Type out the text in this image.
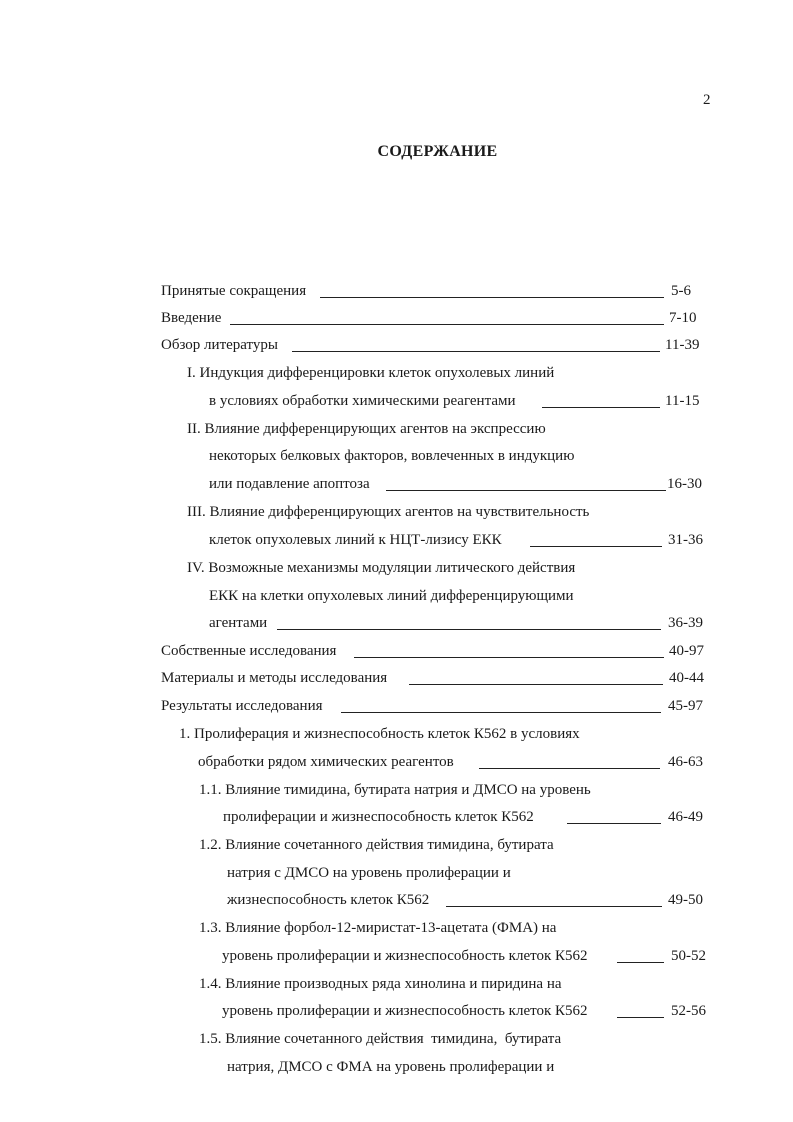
2
СОДЕРЖАНИЕ
Принятые сокращения	5-6
Введение	7-10
Обзор литературы	11-39
I. Индукция дифференцировки клеток опухолевых линий
в условиях обработки химическими реагентами	11-15
II. Влияние дифференцирующих агентов на экспрессию
некоторых белковых факторов, вовлеченных в индукцию
или подавление апоптоза	16-30
III. Влияние дифференцирующих агентов на чувствительность
клеток опухолевых линий к НЦТ-лизису ЕКК	31-36
IV. Возможные механизмы модуляции литического действия
ЕКК на клетки опухолевых линий дифференцирующими
агентами	36-39
Собственные исследования	40-97
Материалы и методы исследования	40-44
Результаты исследования	45-97
1. Пролиферация и жизнеспособность клеток К562 в условиях
обработки рядом химических реагентов	46-63
1.1. Влияние тимидина, бутирата натрия и ДМСО на уровень
пролиферации и жизнеспособность клеток К562	46-49
1.2. Влияние сочетанного действия тимидина, бутирата
натрия с ДМСО на уровень пролиферации и
жизнеспособность клеток К562	49-50
1.3. Влияние форбол-12-миристат-13-ацетата (ФМА) на
уровень пролиферации и жизнеспособность клеток К562	50-52
1.4. Влияние производных ряда хинолина и пиридина на
уровень пролиферации и жизнеспособность клеток К562	52-56
1.5. Влияние сочетанного действия  тимидина,  бутирата
натрия, ДМСО с ФМА на уровень пролиферации и
